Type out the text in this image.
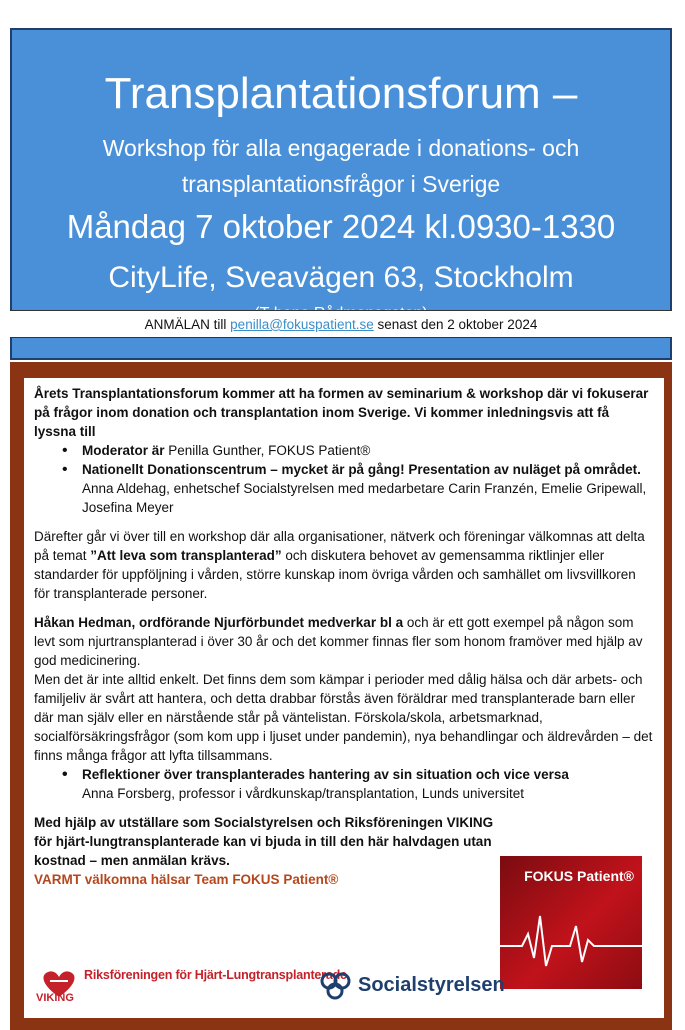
Transplantationsforum –
Workshop för alla engagerade i donations- och
transplantationsfrågor i Sverige
Måndag 7 oktober 2024 kl.0930-1330
CityLife, Sveavägen 63, Stockholm
ANMÄLAN till penilla@fokuspatient.se senast den 2 oktober 2024

Årets Transplantationsforum kommer att ha formen av seminarium & workshop där vi fokuserar på frågor inom donation och transplantation inom Sverige. Vi kommer inledningsvis att få lyssna till

• Moderator är Penilla Gunther, FOKUS Patient®
• Nationellt Donationscentrum – mycket är på gång! Presentation av nuläget på området.

Anna Aldehag, enhetschef Socialstyrelsen med medarbetare Carin Franzén, Emelie Gripewall, Josefina Meyer

Därefter går vi över till en workshop där alla organisationer, nätverk och föreningar välkomnas att delta på temat ”Att leva som transplanterad” och diskutera behovet av gemensamma riktlinjer eller standarder för uppföljning i vården, större kunskap inom övriga vården och samhället om livsvillkoren för transplanterade personer.

Håkan Hedman, ordförande Njurförbundet medverkar bl a och är ett gott exempel på någon som levt som njurtransplanterad i över 30 år och det kommer finnas fler som honom framöver med hjälp av god medicinering.

Men det är inte alltid enkelt. Det finns dem som kämpar i perioder med dålig hälsa och där arbets- och familjeliv är svårt att hantera, och detta drabbar förstås även föräldrar med transplanterade barn eller där man själv eller en närstående står på väntelistan. Förskola/skola, arbetsmarknad, socialförsäkringsfrågor (som kom upp i ljuset under pandemin), nya behandlingar och äldrevården – det finns många frågor att lyfta tillsammans.

• Reflektioner över transplanterades hantering av sin situation och vice versa

Anna Forsberg, professor i vårdkunskap/transplantation, Lunds universitet

Med hjälp av utställare som Socialstyrelsen och Riksföreningen VIKING för hjärt-lungtransplanterade kan vi bjuda in till den här halvdagen utan kostnad – men anmälan krävs.

VARMT välkomna hälsar Team FOKUS Patient®	FOKUS Patient®
VIKING
Riksföreningen för Hjärt-Lungtransplanterade Socialstyrelsen
